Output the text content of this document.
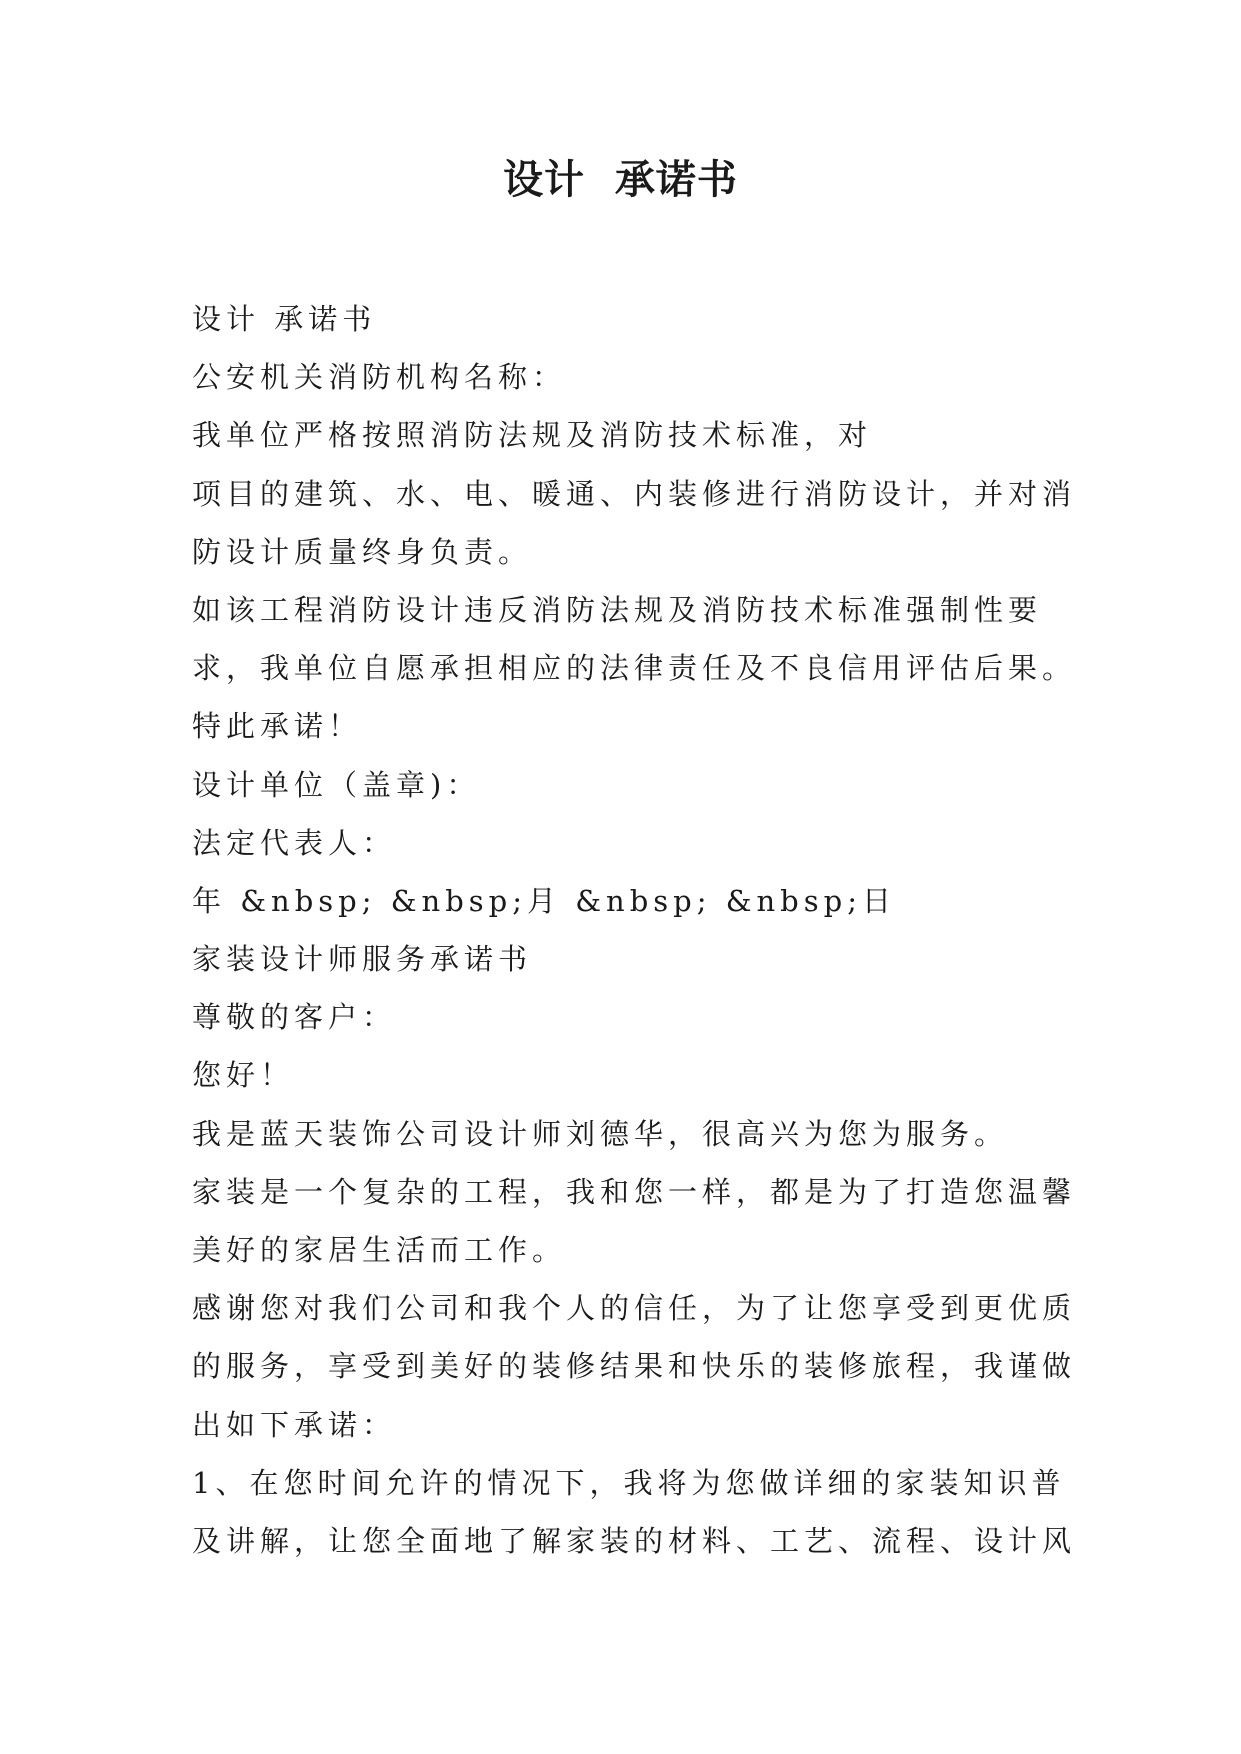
设计  承诺书
设计 承诺书
公安机关消防机构名称：
我单位严格按照消防法规及消防技术标准，对
项目的建筑、水、电、暖通、内装修进行消防设计，并对消
防设计质量终身负责。
如该工程消防设计违反消防法规及消防技术标准强制性要
求，我单位自愿承担相应的法律责任及不良信用评估后果。
特此承诺！
设计单位（盖章)：
法定代表人：
年 &nbsp; &nbsp;月 &nbsp; &nbsp;日
家装设计师服务承诺书
尊敬的客户：
您好！
我是蓝天装饰公司设计师刘德华，很高兴为您为服务。
家装是一个复杂的工程，我和您一样，都是为了打造您温馨
美好的家居生活而工作。
感谢您对我们公司和我个人的信任，为了让您享受到更优质
的服务，享受到美好的装修结果和快乐的装修旅程，我谨做
出如下承诺：
1、在您时间允许的情况下，我将为您做详细的家装知识普
及讲解，让您全面地了解家装的材料、工艺、流程、设计风
